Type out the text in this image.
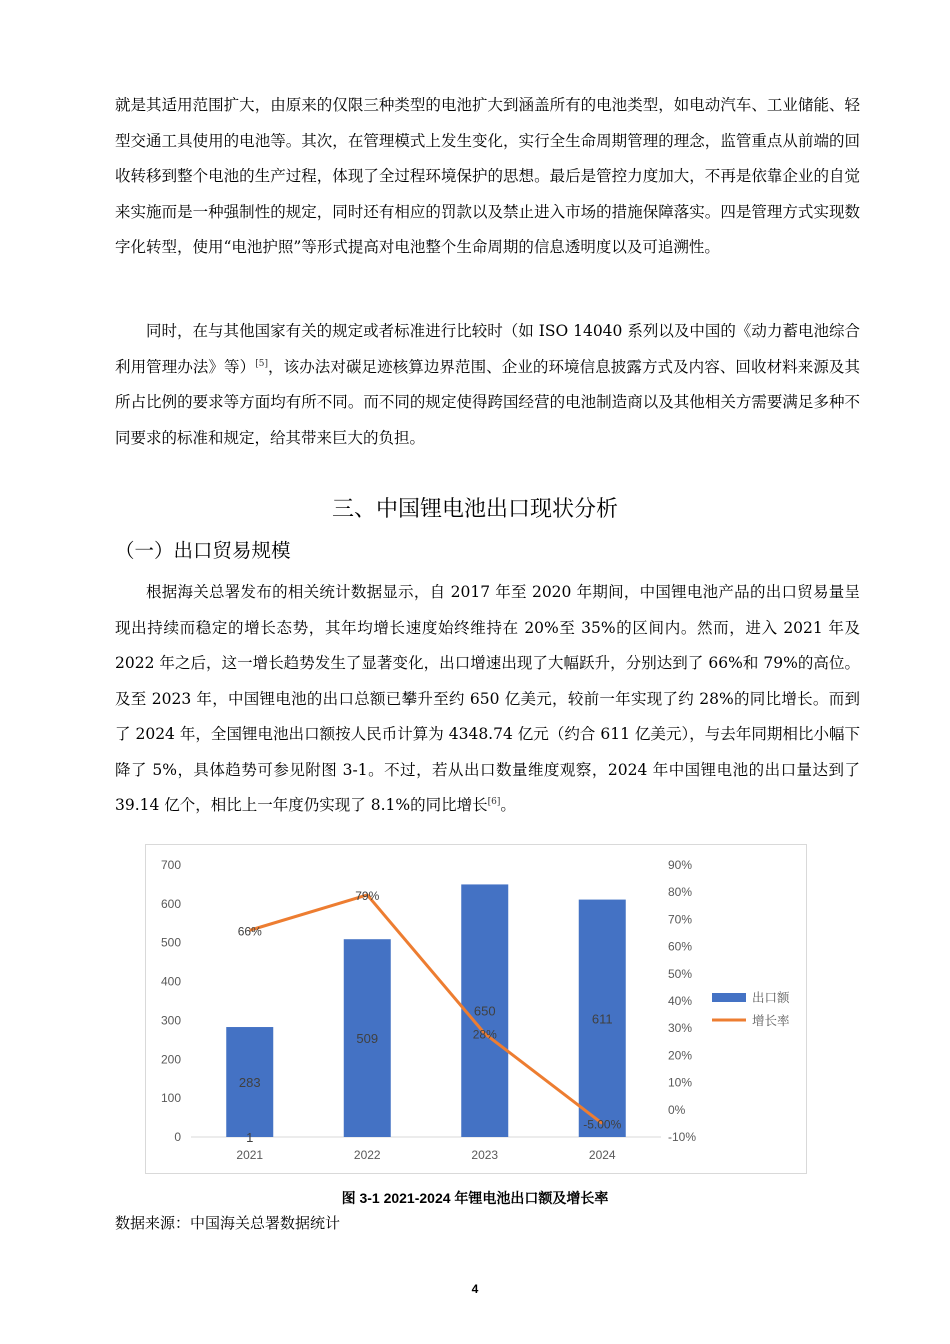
就是其适用范围扩大，由原来的仅限三种类型的电池扩大到涵盖所有的电池类型，如电动汽车、工业储能、轻型交通工具使用的电池等。其次，在管理模式上发生变化，实行全生命周期管理的理念，监管重点从前端的回收转移到整个电池的生产过程，体现了全过程环境保护的思想。最后是管控力度加大，不再是依靠企业的自觉来实施而是一种强制性的规定，同时还有相应的罚款以及禁止进入市场的措施保障落实。四是管理方式实现数字化转型，使用“电池护照”等形式提高对电池整个生命周期的信息透明度以及可追溯性。

同时，在与其他国家有关的规定或者标准进行比较时（如 ISO 14040 系列以及中国的《动力蓄电池综合利用管理办法》等）[5]，该办法对碳足迹核算边界范围、企业的环境信息披露方式及内容、回收材料来源及其所占比例的要求等方面均有所不同。而不同的规定使得跨国经营的电池制造商以及其他相关方需要满足多种不同要求的标准和规定，给其带来巨大的负担。

三、中国锂电池出口现状分析
（一）出口贸易规模

根据海关总署发布的相关统计数据显示，自 2017 年至 2020 年期间，中国锂电池产品的出口贸易量呈现出持续而稳定的增长态势，其年均增长速度始终维持在 20%至 35%的区间内。然而，进入 2021 年及 2022 年之后，这一增长趋势发生了显著变化，出口增速出现了大幅跃升，分别达到了 66%和 79%的高位。及至 2023 年，中国锂电池的出口总额已攀升至约 650 亿美元，较前一年实现了约 28%的同比增长。而到了 2024 年，全国锂电池出口额按人民币计算为 4348.74 亿元（约合 611 亿美元），与去年同期相比小幅下降了 5%，具体趋势可参见附图 3-1。不过，若从出口数量维度观察，2024 年中国锂电池的出口量达到了 39.14 亿个，相比上一年度仍实现了 8.1%的同比增长[6]。

0
100
200
300
400
500
600
700
-10%
0%
10%
20%
30%
40%
50%
60%
70%
80%
90%
2021	2022	2023	2024
283
509
650
611
1
66%
79%
28%
-5.00%
出口额
增长率
图 3-1 2021-2024 年锂电池出口额及增长率
数据来源：中国海关总署数据统计
4
